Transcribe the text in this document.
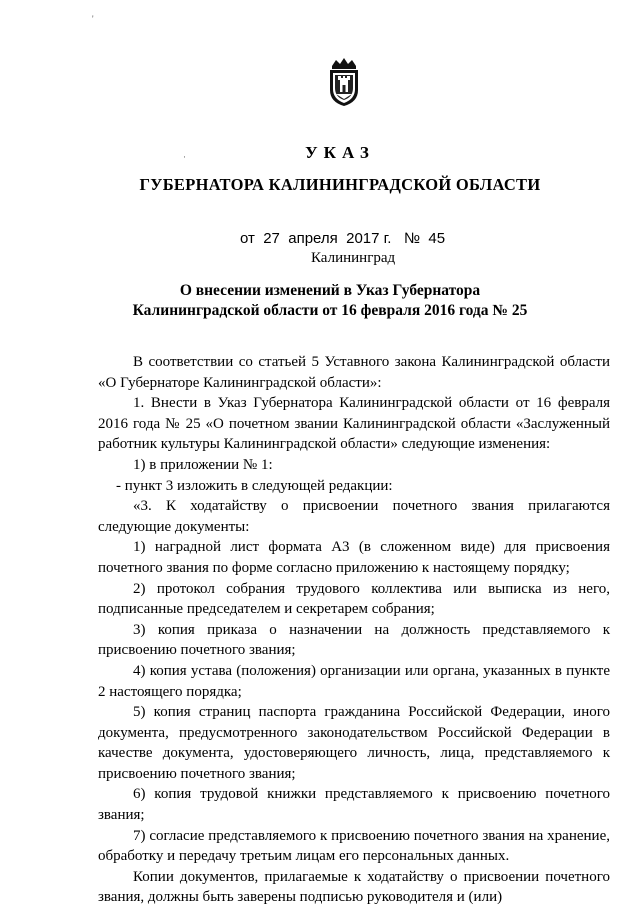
'
·	УКАЗ
ГУБЕРНАТОРА КАЛИНИНГРАДСКОЙ ОБЛАСТИ
от  27  апреля  2017 г.   №  45
Калининград
О внесении изменений в Указ Губернатора
Калининградской области от 16 февраля 2016 года № 25

В соответствии со статьей 5 Уставного закона Калининградской области «О Губернаторе Калининградской области»:

1. Внести в Указ Губернатора Калининградской области от 16 февраля 2016 года № 25 «О почетном звании Калининградской области «Заслуженный работник культуры Калининградской области» следующие изменения:

1) в приложении № 1:

- пункт 3 изложить в следующей редакции:

«3. К ходатайству о присвоении почетного звания прилагаются следующие документы:

1) наградной лист формата А3 (в сложенном виде) для присвоения почетного звания по форме согласно приложению к настоящему порядку;

2) протокол собрания трудового коллектива или выписка из него, подписанные председателем и секретарем собрания;

3) копия приказа о назначении на должность представляемого к присвоению почетного звания;

4) копия устава (положения) организации или органа, указанных в пункте 2 настоящего порядка;

5) копия страниц паспорта гражданина Российской Федерации, иного документа, предусмотренного законодательством Российской Федерации в качестве документа, удостоверяющего личность, лица, представляемого к присвоению почетного звания;

6) копия трудовой книжки представляемого к присвоению почетного звания;

7) согласие представляемого к присвоению почетного звания на хранение, обработку и передачу третьим лицам его персональных данных.

Копии документов, прилагаемые к ходатайству о присвоении почетного звания, должны быть заверены подписью руководителя и (или)
